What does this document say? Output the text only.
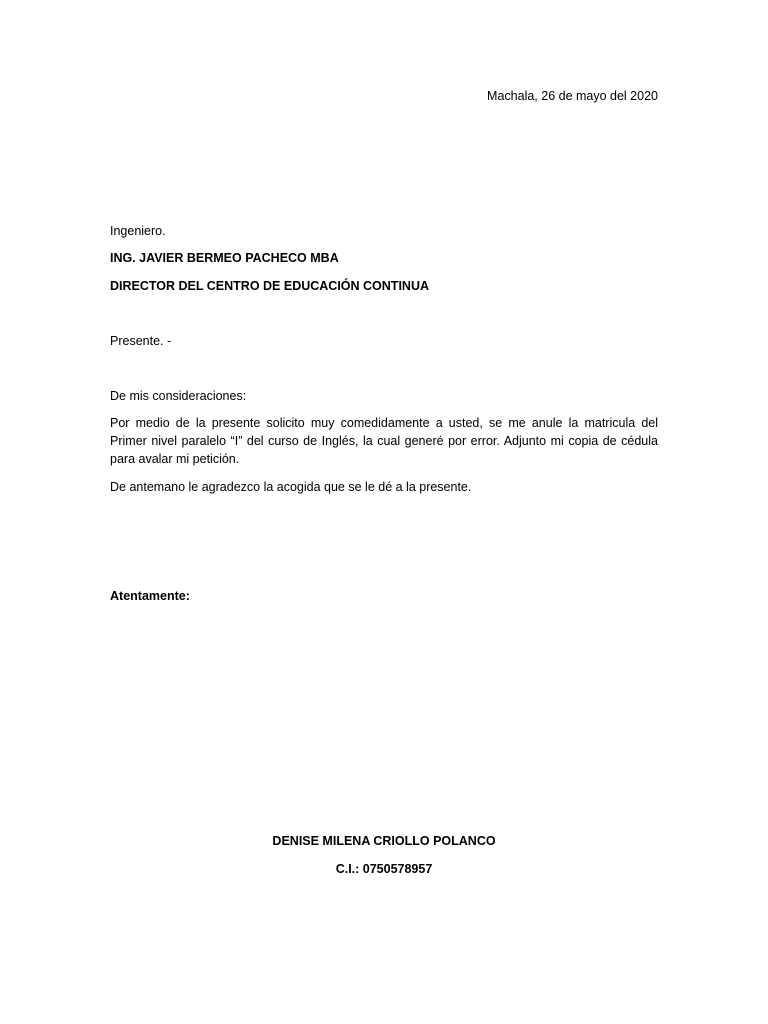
Machala, 26 de mayo del 2020

Ingeniero.

ING. JAVIER BERMEO PACHECO MBA

DIRECTOR DEL CENTRO DE EDUCACIÓN CONTINUA

Presente. -

De mis consideraciones:

Por medio de la presente solicito muy comedidamente a usted, se me anule la matricula del Primer nivel paralelo “I” del curso de Inglés, la cual generé por error. Adjunto mi copia de cédula para avalar mi petición.

De antemano le agradezco la acogida que se le dé a la presente.

Atentamente:

DENISE MILENA CRIOLLO POLANCO

C.I.: 0750578957
